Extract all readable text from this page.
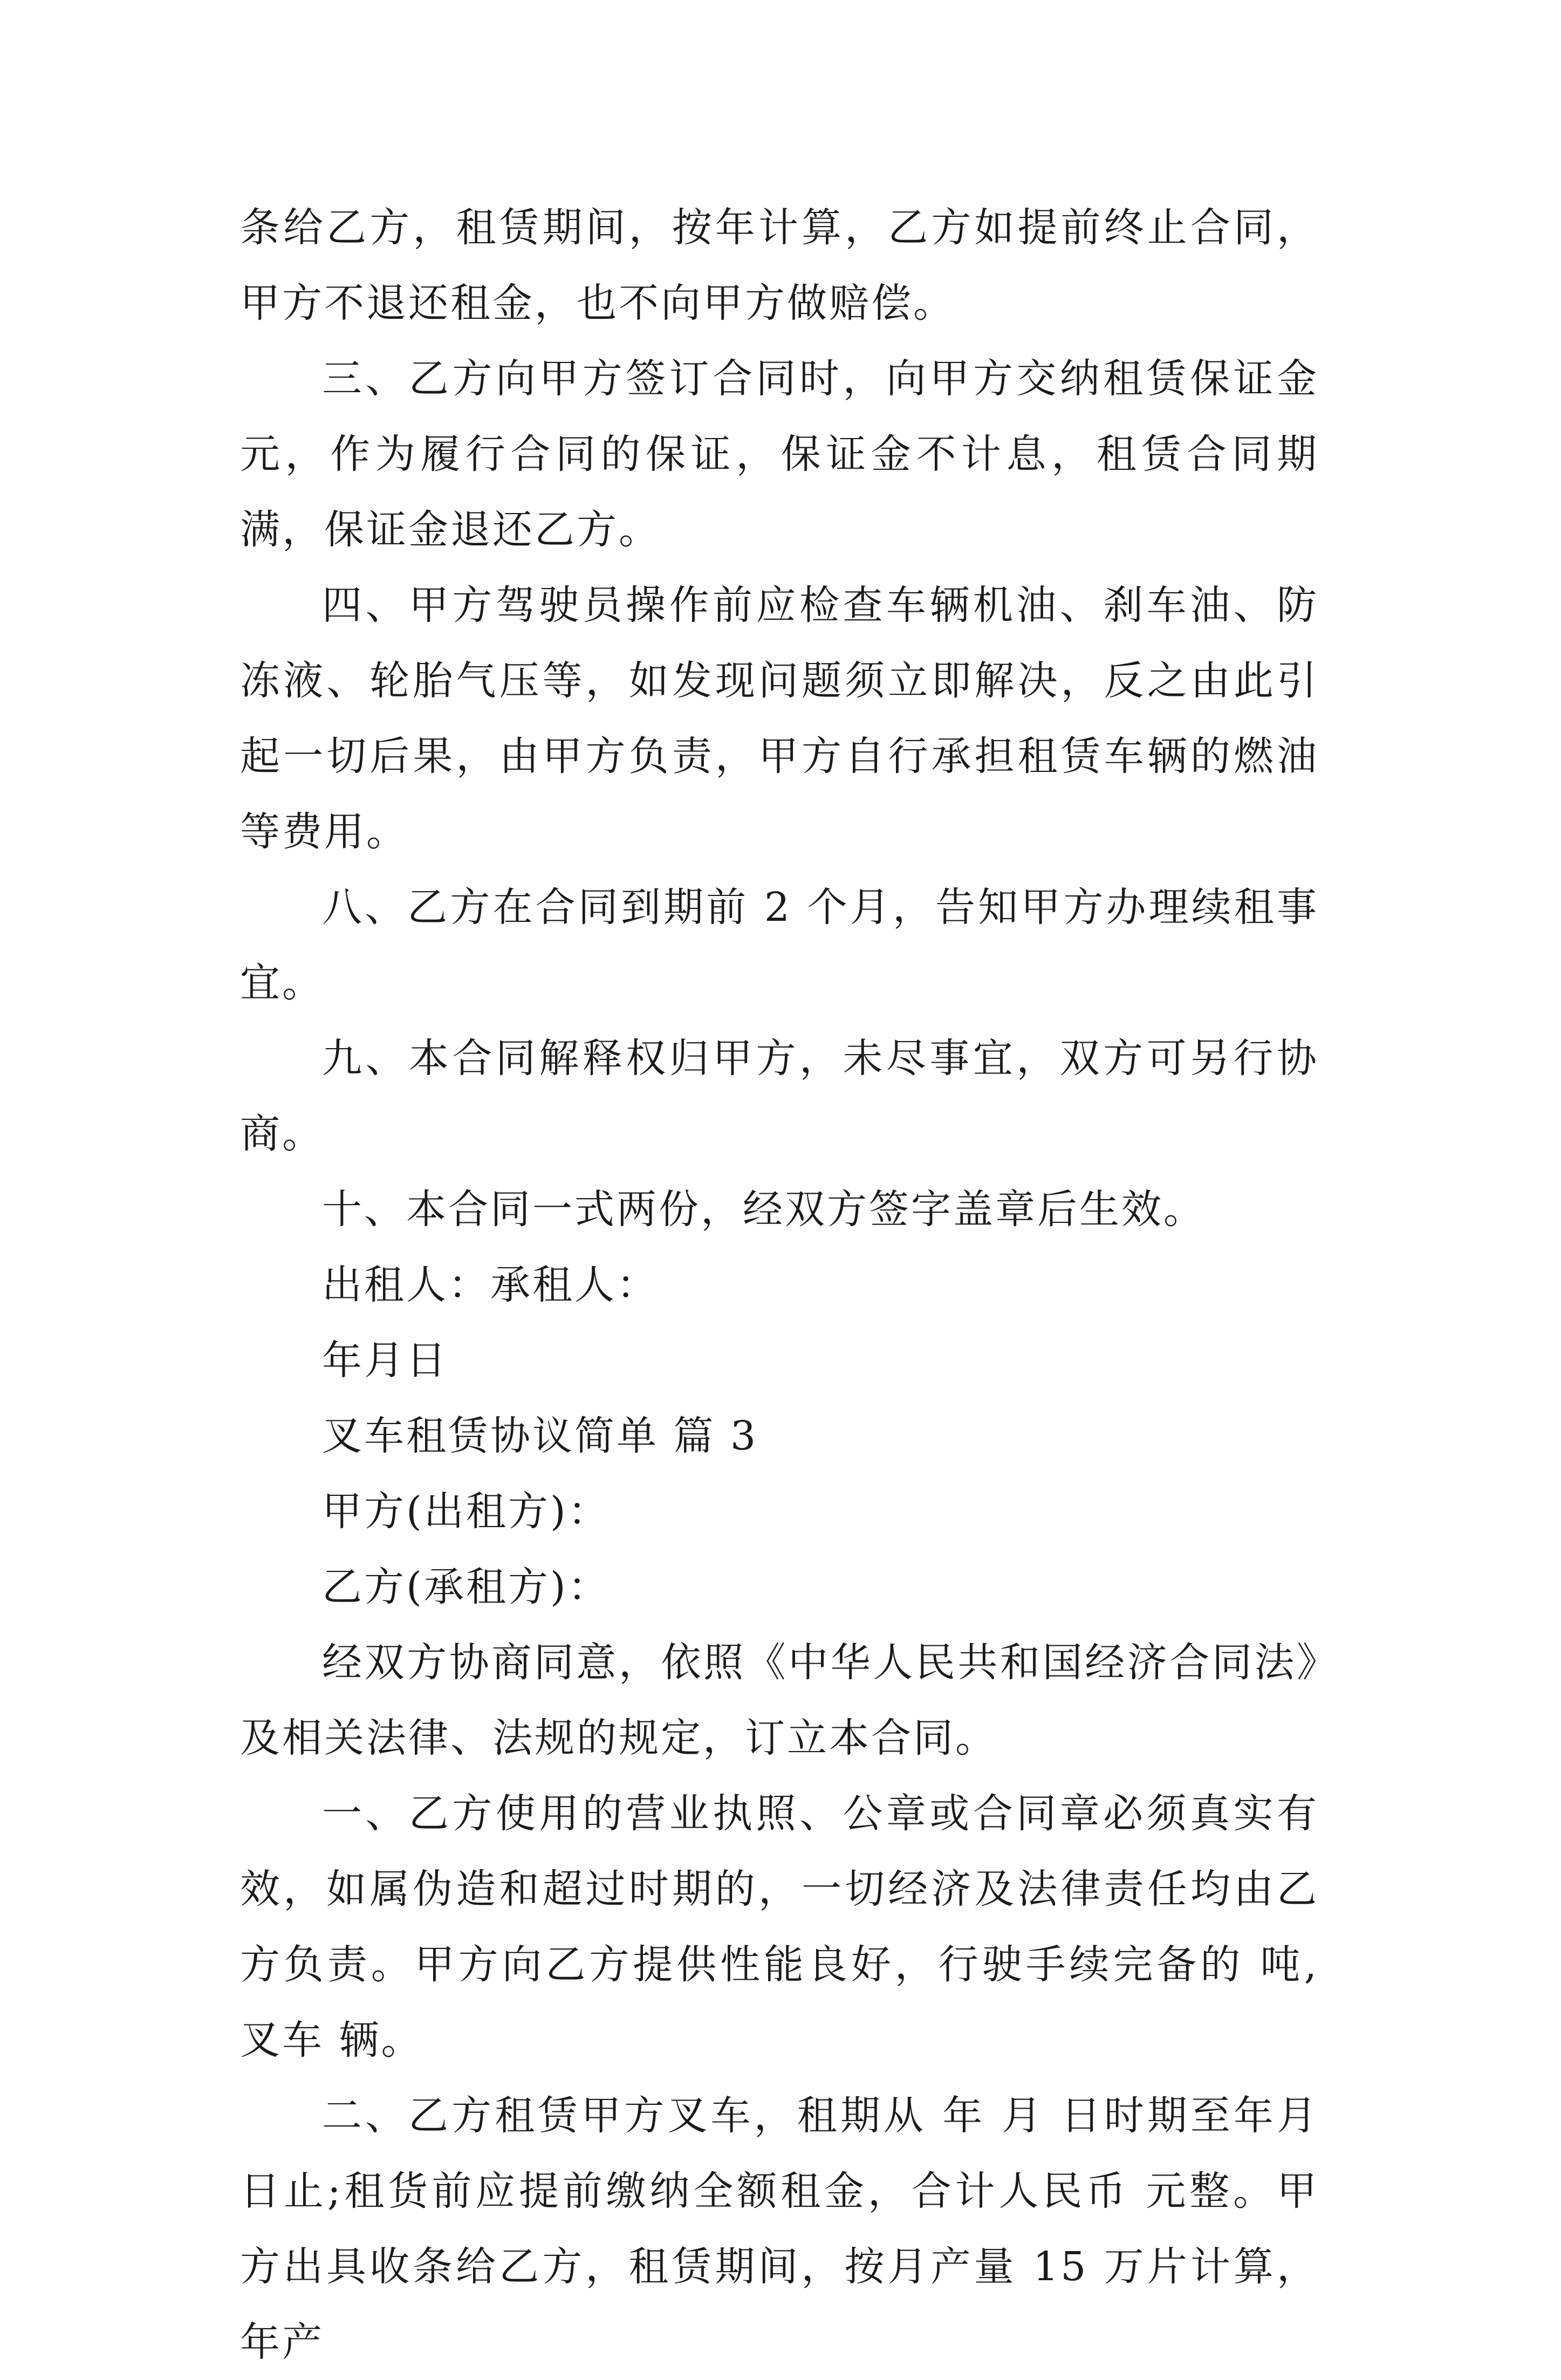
条给乙方，租赁期间，按年计算，乙方如提前终止合同，甲方不退还租金，也不向甲方做赔偿。

三、乙方向甲方签订合同时，向甲方交纳租赁保证金元，作为履行合同的保证，保证金不计息，租赁合同期满，保证金退还乙方。

四、甲方驾驶员操作前应检查车辆机油、刹车油、防冻液、轮胎气压等，如发现问题须立即解决，反之由此引起一切后果，由甲方负责，甲方自行承担租赁车辆的燃油等费用。

八、乙方在合同到期前 2 个月，告知甲方办理续租事宜。

九、本合同解释权归甲方，未尽事宜，双方可另行协商。

十、本合同一式两份，经双方签字盖章后生效。

出租人：承租人：

年月日

叉车租赁协议简单 篇 3

甲方(出租方)：

乙方(承租方)：

经双方协商同意，依照《中华人民共和国经济合同法》及相关法律、法规的规定，订立本合同。

一、乙方使用的营业执照、公章或合同章必须真实有效，如属伪造和超过时期的，一切经济及法律责任均由乙方负责。甲方向乙方提供性能良好，行驶手续完备的 吨,叉车 辆。

二、乙方租赁甲方叉车，租期从 年 月 日时期至年月日止;租货前应提前缴纳全额租金，合计人民币 元整。甲方出具收条给乙方，租赁期间，按月产量 15 万片计算，年产
